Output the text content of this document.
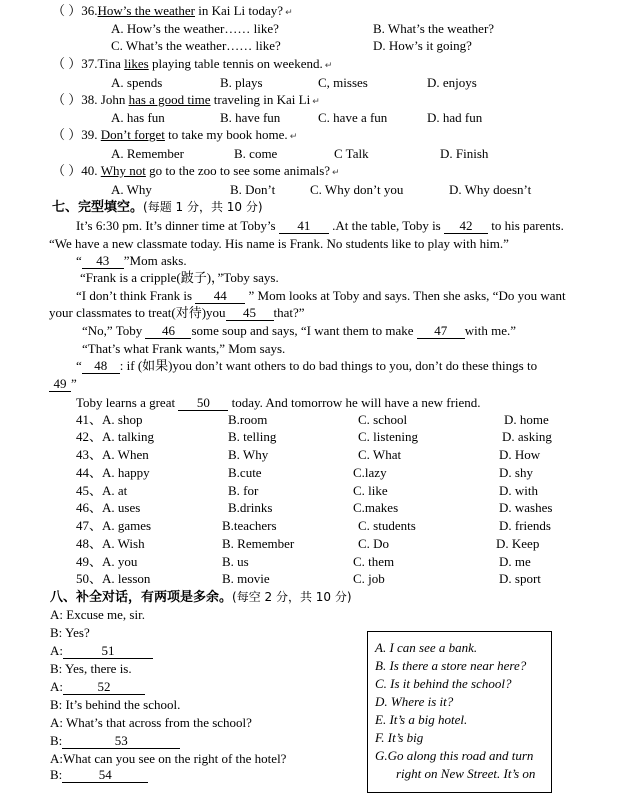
（ ）36.How’s the weather in Kai Li today? ↵
A. How’s the weather…… like?	B. What’s the weather?
C. What’s the weather…… like?	D. How’s it going?
（ ）37.Tina likes playing table tennis on weekend. ↵
A. spends	B. plays	C, misses	D. enjoys
（ ）38. John has a good time traveling in Kai Li ↵
A. has fun	B. have fun	C. have a fun	D. had fun
（ ）39. Don’t forget to take my book home. ↵
A. Remember	B. come	C Talk	D. Finish
（ ）40. Why not go to the zoo to see some animals? ↵
A. Why	B. Don’t	C. Why don’t you	D. Why doesn’t
七、完型填空。(每题 1 分，共 10 分)
It’s 6:30 pm. It’s dinner time at Toby’s 41 .At the table, Toby is 42 to his parents.
“We have a new classmate today. His name is Frank. No students like to play with him.”
“ 43 ”Mom asks.
“Frank is a cripple(跛子)，”Toby says.
“I don’t think Frank is 44 ” Mom looks at Toby and says. Then she asks, “Do you want
your classmates to treat(对待)you 45 that?”
“No,” Toby 46 some soup and says, “I want them to make 47 with me.”
“That’s what Frank wants,” Mom says.
“ 48 : if (如果)you don’t want others to do bad things to you, don’t do these things to
49 ”
Toby learns a great 50 today. And tomorrow he will have a new friend.
41、A. shop	B.room	C. school	D. home
42、A. talking	B. telling	C. listening	D. asking
43、A. When	B. Why	C. What	D. How
44、A. happy	B.cute	C.lazy	D. shy
45、A. at	B. for	C. like	D. with
46、A. uses	B.drinks	C.makes	D. washes
47、A. games	B.teachers	C. students	D. friends
48、A. Wish	B. Remember	C. Do	D. Keep
49、A. you	B. us	C. them	D. me
50、A. lesson	B. movie	C. job	D. sport
八、补全对话，有两项是多余。(每空 2 分，共 10 分)
A: Excuse me, sir.
B: Yes?
A:	51
B: Yes, there is.
A:	52
B: It’s behind the school.
A: What’s that across from the school?
B:	53
A:What can you see on the right of the hotel?
B:	54
A. I can see a bank.
B. Is there a store near here?
C. Is it behind the school?
D. Where is it?
E. It’s a big hotel.
F. It’s big
G.Go along this road and turn
right on New Street. It’s on
